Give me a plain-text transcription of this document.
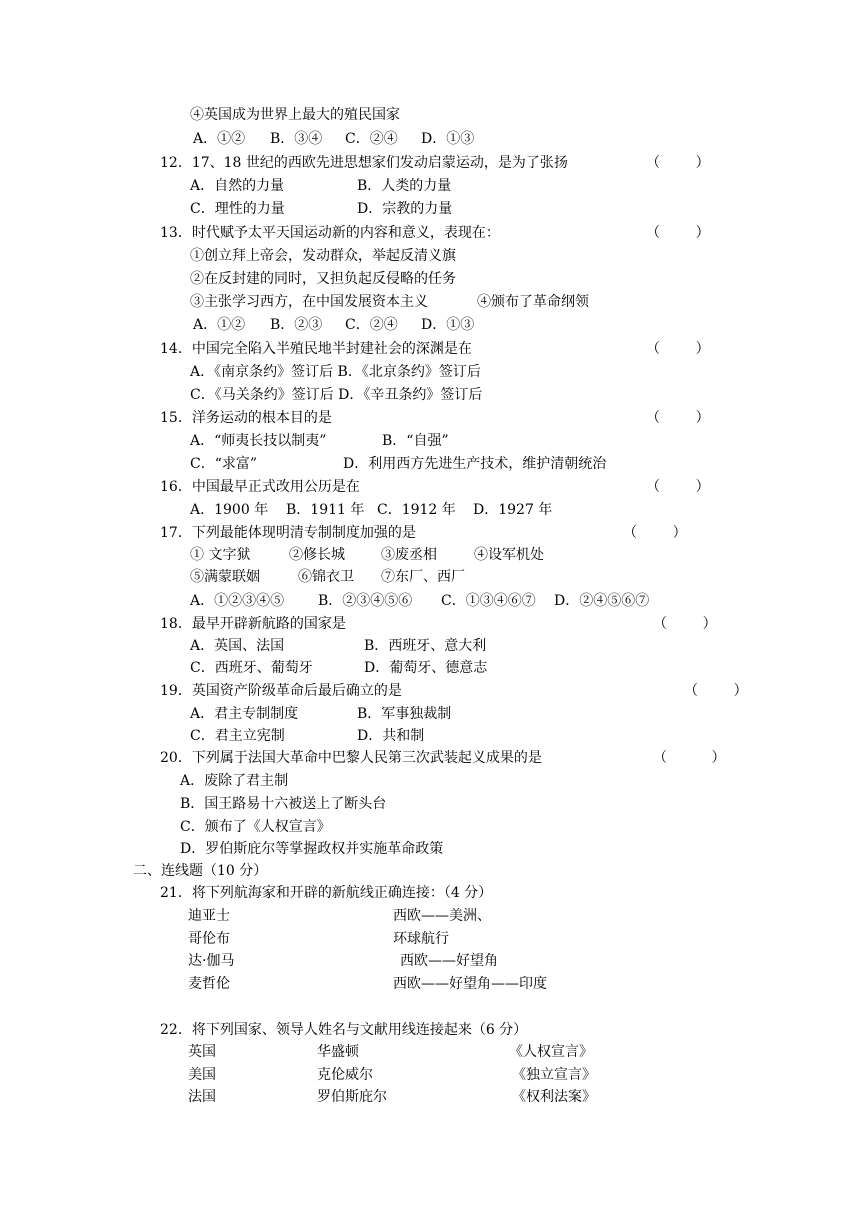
④英国成为世界上最大的殖民国家
A．①② B．③④ C．②④ D．①③
12．17、18 世纪的西欧先进思想家们发动启蒙运动，是为了张扬	（        ）
A．自然的力量	B．人类的力量
C．理性的力量	D．宗教的力量
13．时代赋予太平天国运动新的内容和意义，表现在：	（        ）
①创立拜上帝会，发动群众，举起反清义旗
②在反封建的同时，又担负起反侵略的任务
③主张学习西方，在中国发展资本主义	④颁布了革命纲领
A．①② B．②③ C．②④ D．①③
14．中国完全陷入半殖民地半封建社会的深渊是在	（        ）
A．《南京条约》签订后 B．《北京条约》签订后
C．《马关条约》签订后 D．《辛丑条约》签订后
15．洋务运动的根本目的是	（        ）
A．“师夷长技以制夷”	B．“自强”
C．“求富”	D．利用西方先进生产技术，维护清朝统治
16．中国最早正式改用公历是在	（        ）
A．1900 年 B．1911 年 C．1912 年 D．1927 年
17．下列最能体现明清专制制度加强的是	（        ）
① 文字狱	②修长城	③废丞相	④设军机处
⑤满蒙联姻	⑥锦衣卫 ⑦东厂、西厂
A．①②③④⑤ B．②③④⑤⑥ C．①③④⑥⑦ D．②④⑤⑥⑦
18．最早开辟新航路的国家是	（        ）
A．英国、法国	B．西班牙、意大利
C．西班牙、葡萄牙	D．葡萄牙、德意志
19．英国资产阶级革命后最后确立的是	（        ）
A．君主专制制度	B．军事独裁制
C．君主立宪制	D．共和制
20．下列属于法国大革命中巴黎人民第三次武装起义成果的是	（          ）
A．废除了君主制
B．国王路易十六被送上了断头台
C．颁布了《人权宣言》
D．罗伯斯庇尔等掌握政权并实施革命政策
二、连线题（10 分）
21．将下列航海家和开辟的新航线正确连接：（4 分）
迪亚士	西欧——美洲、
哥伦布	环球航行
达·伽马	西欧——好望角
麦哲伦	西欧——好望角——印度
22．将下列国家、领导人姓名与文献用线连接起来（6 分）
英国	华盛顿	《人权宣言》
美国	克伦威尔	《独立宣言》
法国	罗伯斯庇尔	《权利法案》
